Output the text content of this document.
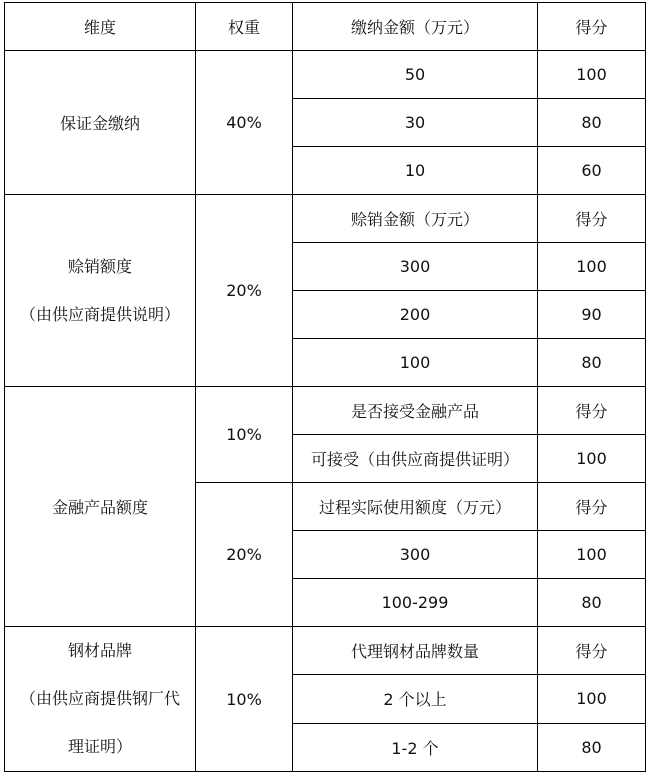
维度	权重	缴纳金额（万元）	得分
保证金缴纳	40%	50	100
		30	80
		10	60

赊销额度
（由供应商提供说明）	20%	赊销金额（万元）	得分
		300	100
		200	90
		100	80
金融产品额度	10%	是否接受金融产品	得分
		可接受（由供应商提供证明）	100
	20%	过程实际使用额度（万元）	得分
		300	100
		100-299	80

钢材品牌
（由供应商提供钢厂代
理证明）	10%	代理钢材品牌数量	得分
		2 个以上	100
		1-2 个	80
